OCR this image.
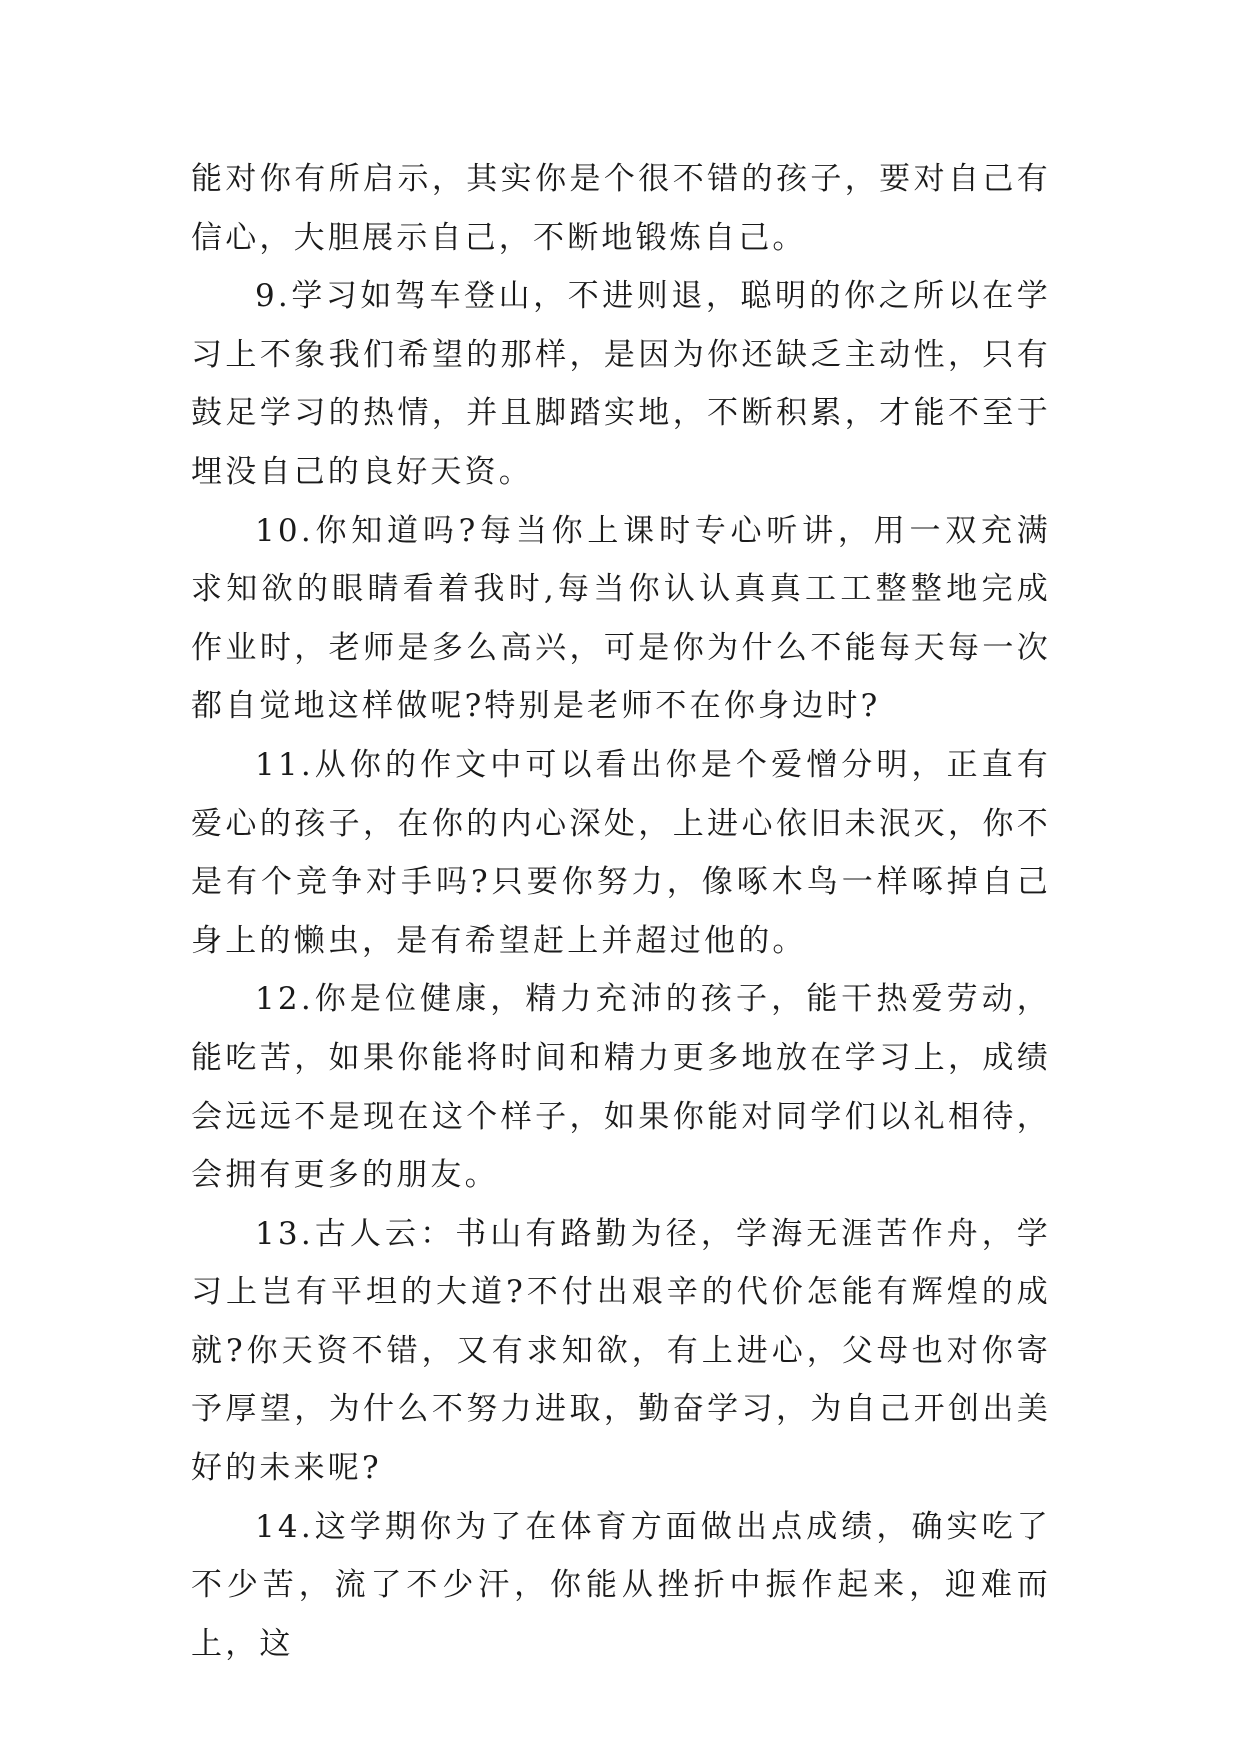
能对你有所启示，其实你是个很不错的孩子，要对自己有信心，大胆展示自己，不断地锻炼自己。

9.学习如驾车登山，不进则退，聪明的你之所以在学习上不象我们希望的那样，是因为你还缺乏主动性，只有鼓足学习的热情，并且脚踏实地，不断积累，才能不至于埋没自己的良好天资。

10.你知道吗?每当你上课时专心听讲，用一双充满求知欲的眼睛看着我时,每当你认认真真工工整整地完成作业时，老师是多么高兴，可是你为什么不能每天每一次都自觉地这样做呢?特别是老师不在你身边时?

11.从你的作文中可以看出你是个爱憎分明，正直有爱心的孩子，在你的内心深处，上进心依旧未泯灭，你不是有个竞争对手吗?只要你努力，像啄木鸟一样啄掉自己身上的懒虫，是有希望赶上并超过他的。

12.你是位健康，精力充沛的孩子，能干热爱劳动，能吃苦，如果你能将时间和精力更多地放在学习上，成绩会远远不是现在这个样子，如果你能对同学们以礼相待，会拥有更多的朋友。

13.古人云：书山有路勤为径，学海无涯苦作舟，学习上岂有平坦的大道?不付出艰辛的代价怎能有辉煌的成就?你天资不错，又有求知欲，有上进心，父母也对你寄予厚望，为什么不努力进取，勤奋学习，为自己开创出美好的未来呢?

14.这学期你为了在体育方面做出点成绩，确实吃了不少苦，流了不少汗，你能从挫折中振作起来，迎难而上，这
